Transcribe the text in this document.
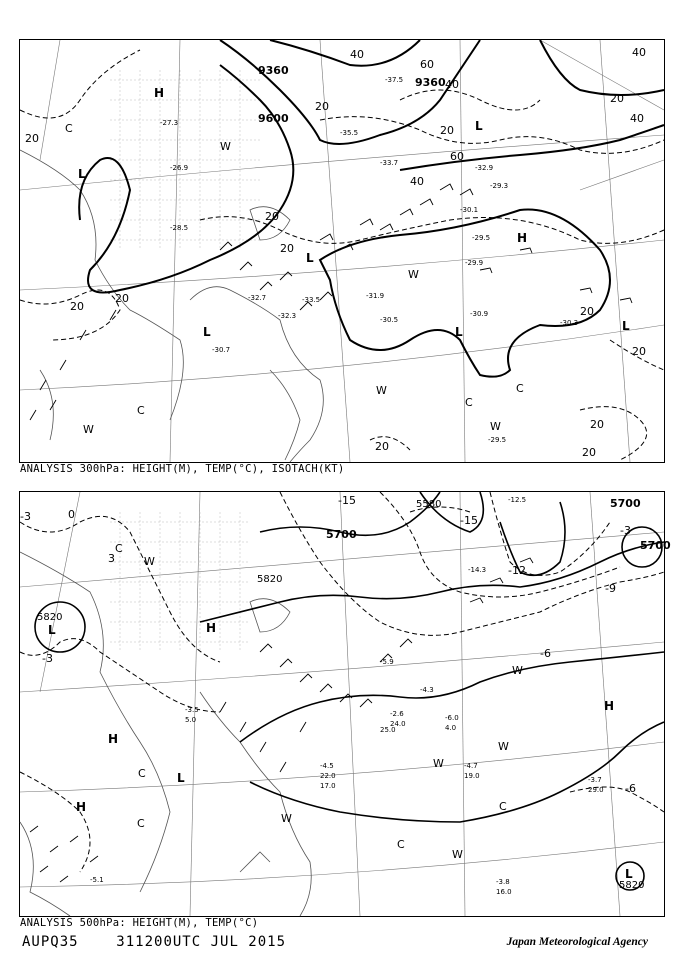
9360
9360
9600
20
20
20
20
20
20
20
40
40
40
40
40
60
60
20
20
20
20
20
20
H
H
L
L
L	L	L
L
C
C
C
C
W
W
W
W
W
-29.5
-30.1
-29.9
-30.9
-30.5
-30.7
-32.7
-32.3
-33.5	-31.9
-30.3
-29.3
-32.9
-33.7
-37.5
-35.5
-28.5
-26.9
-27.3
-29.5
ANALYSIS 300hPa: HEIGHT(M), TEMP(°C), ISOTACH(KT)
5700
5700
5700
5820
5820
5820
5580
-15
-15
-12
-9
-6
-6
-3
-3
-3
0
3
H
H
H
H
L
L
L
C
C
C
C
C
W
W
W
W
W
W
-3.7
-4.7
-6.0
-4.5
-3.5
-5.1	-3.8
-5.9
-4.3
-2.6
-14.3
-12.5
29.0
19.0
22.0
17.0
24.0
16.0
4.0
5.0
25.0
ANALYSIS 500hPa: HEIGHT(M), TEMP(°C)
AUPQ35	311200UTC JUL 2015	Japan Meteorological Agency
